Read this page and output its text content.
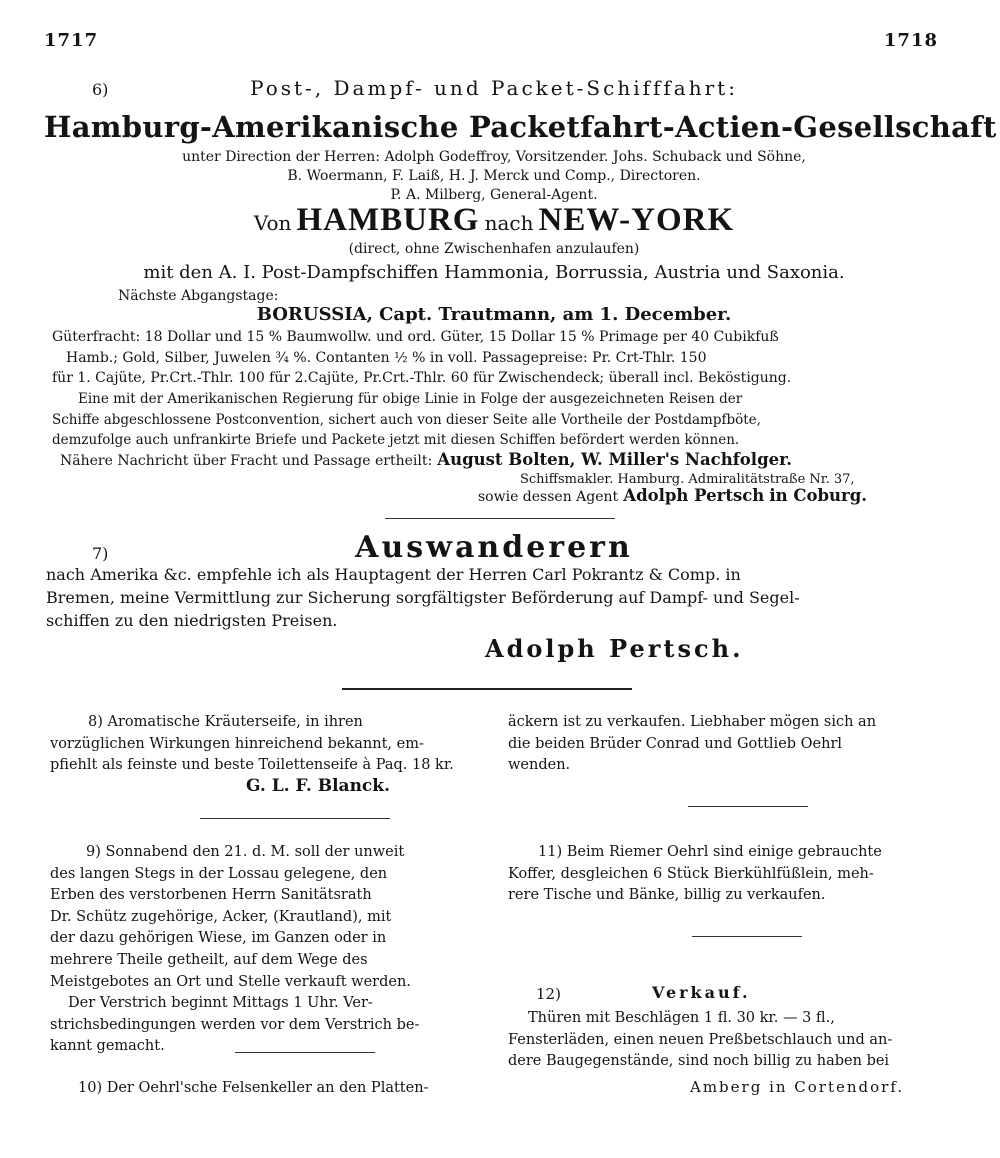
1717	1718
6)	Post-, Dampf- und Packet-Schifffahrt:
Hamburg-Amerikanische Packetfahrt-Actien-Gesellschaft
unter Direction der Herren: Adolph Godeffroy, Vorsitzender. Johs. Schuback und Söhne,
B. Woermann, F. Laiß, H. J. Merck und Comp., Directoren.
P. A. Milberg, General-Agent.
Von HAMBURG nach NEW-YORK
(direct, ohne Zwischenhafen anzulaufen)
mit den A. I. Post-Dampfschiffen Hammonia, Borrussia, Austria und Saxonia.
Nächste Abgangstage:
BORUSSIA, Capt. Trautmann, am 1. December.
Güterfracht: 18 Dollar und 15 % Baumwollw. und ord. Güter, 15 Dollar 15 % Primage per 40 Cubikfuß
Hamb.; Gold, Silber, Juwelen ¾ %. Contanten ½ % in voll. Passagepreise: Pr. Crt-Thlr. 150
für 1. Cajüte, Pr.Crt.-Thlr. 100 für 2.Cajüte, Pr.Crt.-Thlr. 60 für Zwischendeck; überall incl. Beköstigung.
Eine mit der Amerikanischen Regierung für obige Linie in Folge der ausgezeichneten Reisen der
Schiffe abgeschlossene Postconvention, sichert auch von dieser Seite alle Vortheile der Postdampfböte,
demzufolge auch unfrankirte Briefe und Packete jetzt mit diesen Schiffen befördert werden können.
Nähere Nachricht über Fracht und Passage ertheilt: August Bolten, W. Miller's Nachfolger.
Schiffsmakler. Hamburg. Admiralitätstraße Nr. 37,
sowie dessen Agent Adolph Pertsch in Coburg.
7)	Auswanderern
nach Amerika &c. empfehle ich als Hauptagent der Herren Carl Pokrantz & Comp. in
Bremen, meine Vermittlung zur Sicherung sorgfältigster Beförderung auf Dampf- und Segel-
schiffen zu den niedrigsten Preisen.
Adolph Pertsch.
8) Aromatische Kräuterseife, in ihren
vorzüglichen Wirkungen hinreichend bekannt, em-
pfiehlt als feinste und beste Toilettenseife à Paq. 18 kr.
G. L. F. Blanck.
9) Sonnabend den 21. d. M. soll der unweit
des langen Stegs in der Lossau gelegene, den
Erben des verstorbenen Herrn Sanitätsrath
Dr. Schütz zugehörige, Acker, (Krautland), mit
der dazu gehörigen Wiese, im Ganzen oder in
mehrere Theile getheilt, auf dem Wege des
Meistgebotes an Ort und Stelle verkauft werden.
Der Verstrich beginnt Mittags 1 Uhr. Ver-
strichsbedingungen werden vor dem Verstrich be-
kannt gemacht.
10) Der Oehrl'sche Felsenkeller an den Platten-
äckern ist zu verkaufen. Liebhaber mögen sich an
die beiden Brüder Conrad und Gottlieb Oehrl
wenden.
11) Beim Riemer Oehrl sind einige gebrauchte
Koffer, desgleichen 6 Stück Bierkühlfüßlein, meh-
rere Tische und Bänke, billig zu verkaufen.
12)	Verkauf.
Thüren mit Beschlägen 1 fl. 30 kr. — 3 fl.,
Fensterläden, einen neuen Preßbetschlauch und an-
dere Baugegenstände, sind noch billig zu haben bei
Amberg in Cortendorf.
